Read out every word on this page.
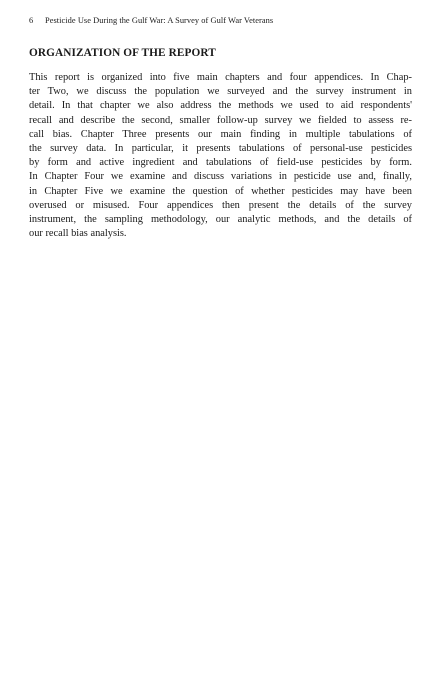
6 Pesticide Use During the Gulf War: A Survey of Gulf War Veterans
ORGANIZATION OF THE REPORT
This report is organized into five main chapters and four appendices. In Chap-
ter Two, we discuss the population we surveyed and the survey instrument in
detail. In that chapter we also address the methods we used to aid respondents'
recall and describe the second, smaller follow-up survey we fielded to assess re-
call bias. Chapter Three presents our main finding in multiple tabulations of
the survey data. In particular, it presents tabulations of personal-use pesticides
by form and active ingredient and tabulations of field-use pesticides by form.
In Chapter Four we examine and discuss variations in pesticide use and, finally,
in Chapter Five we examine the question of whether pesticides may have been
overused or misused. Four appendices then present the details of the survey
instrument, the sampling methodology, our analytic methods, and the details of
our recall bias analysis.
